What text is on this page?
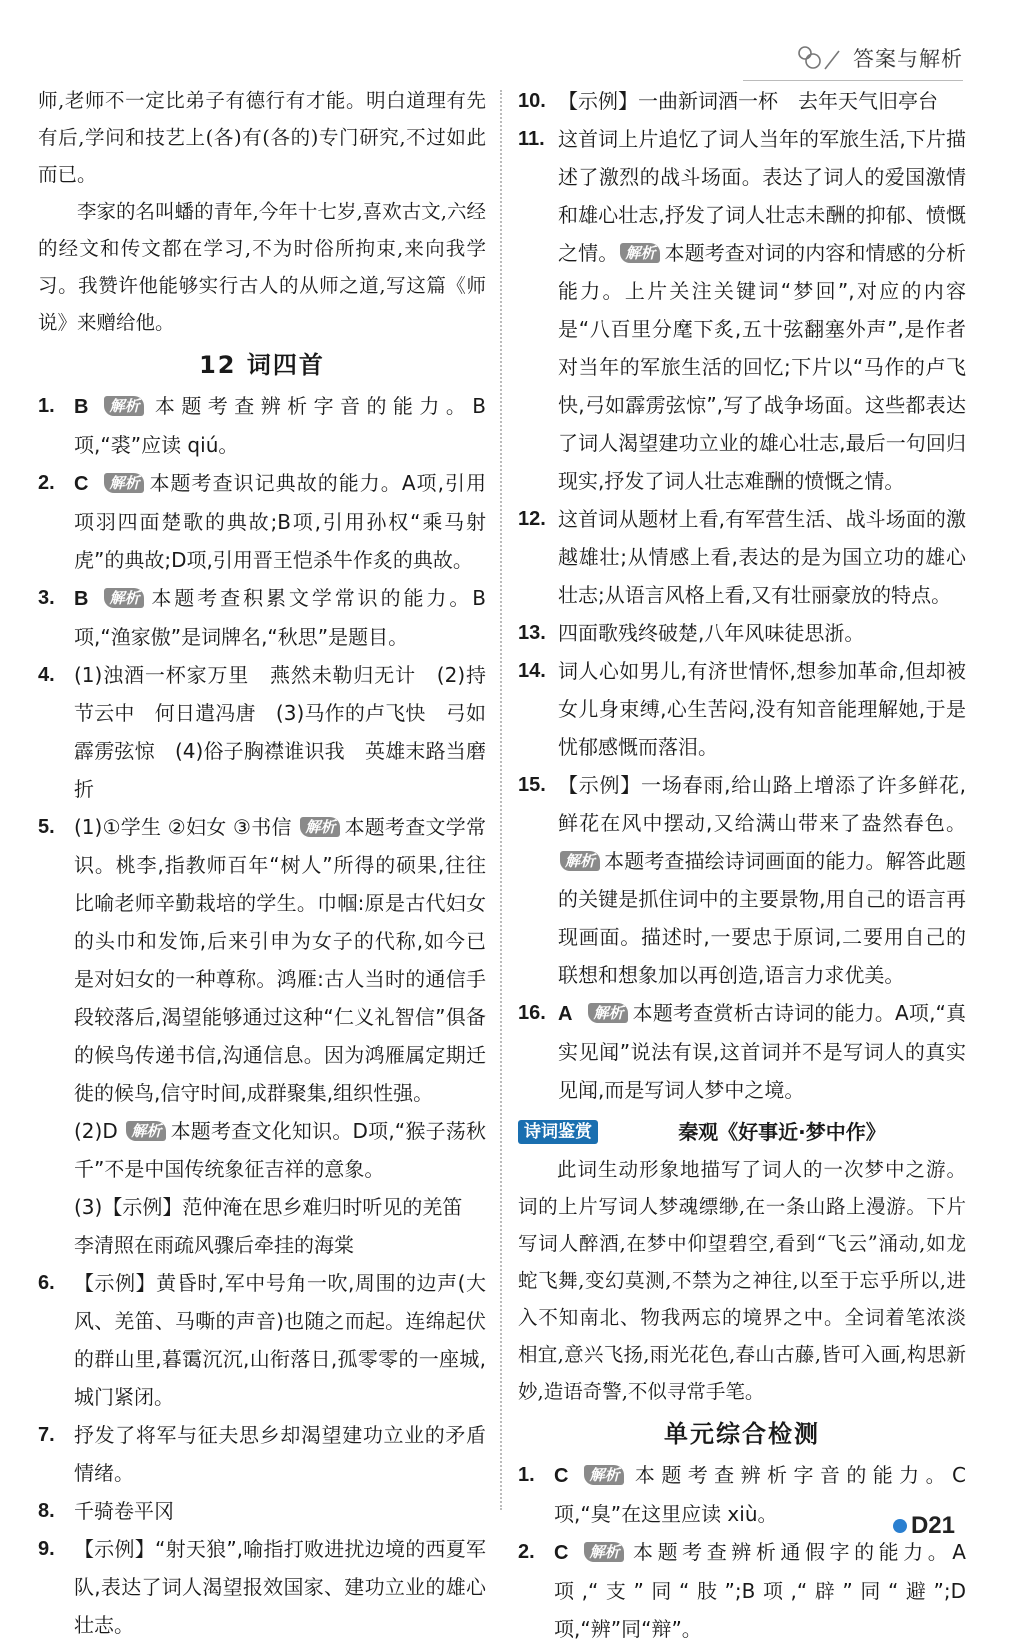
答案与解析

师,老师不一定比弟子有德行有才能。明白道理有先有后,学问和技艺上(各)有(各的)专门研究,不过如此而已。

李家的名叫蟠的青年,今年十七岁,喜欢古文,六经的经文和传文都在学习,不为时俗所拘束,来向我学习。我赞许他能够实行古人的从师之道,写这篇《师说》来赠给他。

12 词四首
1. B 解析 本题考查辨析字音的能力。B项,“裘”应读 qiú。
2. C 解析 本题考查识记典故的能力。A项,引用项羽四面楚歌的典故;B项,引用孙权“乘马射虎”的典故;D项,引用晋王恺杀牛作炙的典故。
3. B 解析 本题考查积累文学常识的能力。B项,“渔家傲”是词牌名,“秋思”是题目。
4. (1)浊酒一杯家万里　燕然未勒归无计　(2)持节云中　何日遣冯唐　(3)马作的卢飞快　弓如霹雳弦惊　(4)俗子胸襟谁识我　英雄末路当磨折
5. (1)①学生 ②妇女 ③书信 解析 本题考查文学常识。桃李,指教师百年“树人”所得的硕果,往往比喻老师辛勤栽培的学生。巾帼:原是古代妇女的头巾和发饰,后来引申为女子的代称,如今已是对妇女的一种尊称。鸿雁:古人当时的通信手段较落后,渴望能够通过这种“仁义礼智信”俱备的候鸟传递书信,沟通信息。因为鸿雁属定期迁徙的候鸟,信守时间,成群聚集,组织性强。
(2)D 解析 本题考查文化知识。D项,“猴子荡秋千”不是中国传统象征吉祥的意象。
(3)【示例】范仲淹在思乡难归时听见的羌笛
李清照在雨疏风骤后牵挂的海棠
6. 【示例】黄昏时,军中号角一吹,周围的边声(大风、羌笛、马嘶的声音)也随之而起。连绵起伏的群山里,暮霭沉沉,山衔落日,孤零零的一座城,城门紧闭。
7. 抒发了将军与征夫思乡却渴望建功立业的矛盾情绪。
8. 千骑卷平冈
9. 【示例】“射天狼”,喻指打败进扰边境的西夏军队,表达了词人渴望报效国家、建功立业的雄心壮志。
10. 【示例】一曲新词酒一杯　去年天气旧亭台
11. 这首词上片追忆了词人当年的军旅生活,下片描述了激烈的战斗场面。表达了词人的爱国激情和雄心壮志,抒发了词人壮志未酬的抑郁、愤慨之情。 解析 本题考查对词的内容和情感的分析能力。上片关注关键词“梦回”,对应的内容是“八百里分麾下炙,五十弦翻塞外声”,是作者对当年的军旅生活的回忆;下片以“马作的卢飞快,弓如霹雳弦惊”,写了战争场面。这些都表达了词人渴望建功立业的雄心壮志,最后一句回归现实,抒发了词人壮志难酬的愤慨之情。
12. 这首词从题材上看,有军营生活、战斗场面的激越雄壮;从情感上看,表达的是为国立功的雄心壮志;从语言风格上看,又有壮丽豪放的特点。
13. 四面歌残终破楚,八年风味徒思浙。
14. 词人心如男儿,有济世情怀,想参加革命,但却被女儿身束缚,心生苦闷,没有知音能理解她,于是忧郁感慨而落泪。
15. 【示例】一场春雨,给山路上增添了许多鲜花,鲜花在风中摆动,又给满山带来了盎然春色。解析 本题考查描绘诗词画面的能力。解答此题的关键是抓住词中的主要景物,用自己的语言再现画面。描述时,一要忠于原词,二要用自己的联想和想象加以再创造,语言力求优美。
16. A 解析 本题考查赏析古诗词的能力。A项,“真实见闻”说法有误,这首词并不是写词人的真实见闻,而是写词人梦中之境。
诗词鉴赏	秦观《好事近·梦中作》

此词生动形象地描写了词人的一次梦中之游。词的上片写词人梦魂缥缈,在一条山路上漫游。下片写词人醉酒,在梦中仰望碧空,看到“飞云”涌动,如龙蛇飞舞,变幻莫测,不禁为之神往,以至于忘乎所以,进入不知南北、物我两忘的境界之中。全词着笔浓淡相宜,意兴飞扬,雨光花色,春山古藤,皆可入画,构思新妙,造语奇警,不似寻常手笔。

单元综合检测
1. C 解析 本题考查辨析字音的能力。C项,“臭”在这里应读 xiù。
2. C 解析 本题考查辨析通假字的能力。A项,“支”同“肢”;B项,“辟”同“避”;D项,“辨”同“辩”。
D21
